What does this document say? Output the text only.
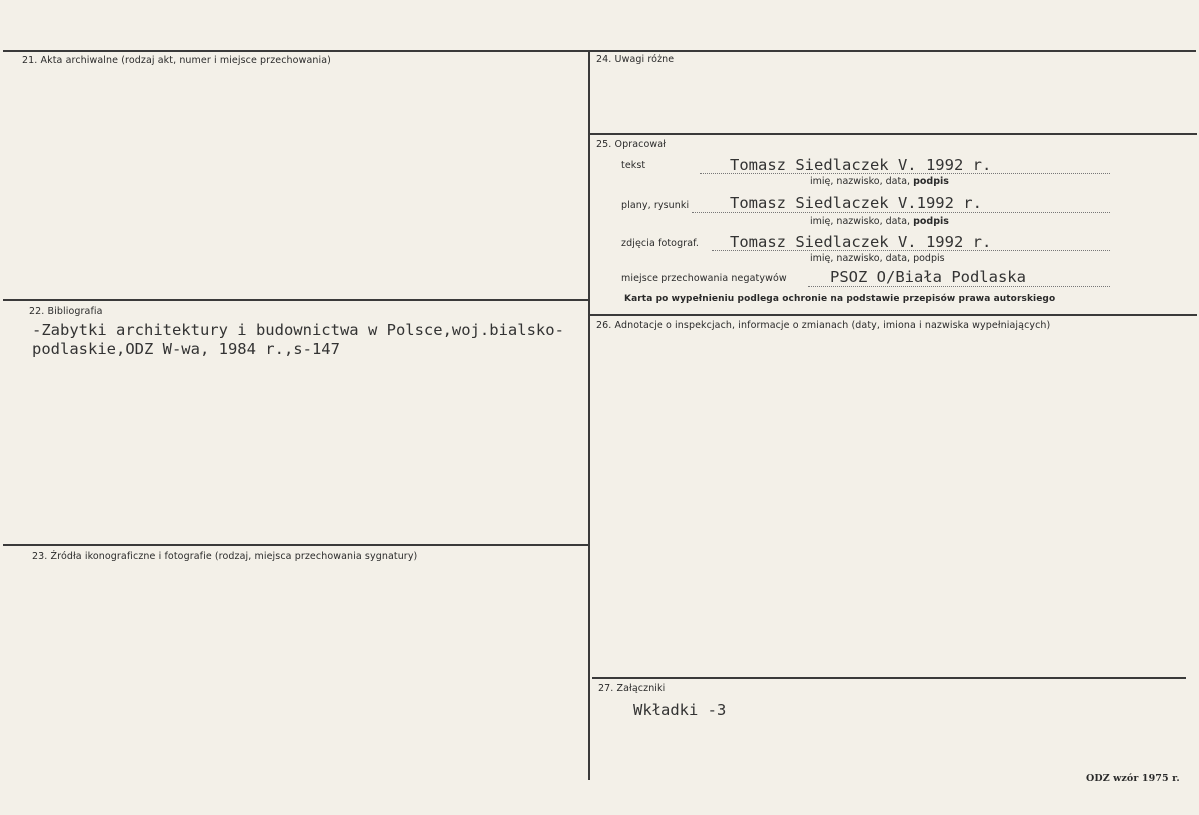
21. Akta archiwalne (rodzaj akt, numer i miejsce przechowania)
22. Bibliografia
-Zabytki architektury i budownictwa w Polsce,woj.bialsko-
podlaskie,ODZ W-wa, 1984 r.,s-147
23. Źródła ikonograficzne i fotografie (rodzaj, miejsca przechowania sygnatury)
24. Uwagi różne
25. Opracował
tekst	Tomasz Siedlaczek V. 1992 r.
imię, nazwisko, data, podpis
plany, rysunki	Tomasz Siedlaczek V.1992 r.
imię, nazwisko, data, podpis
zdjęcia fotograf. Tomasz Siedlaczek V. 1992 r.
imię, nazwisko, data, podpis
miejsce przechowania negatywów	PSOZ O/Biała Podlaska
Karta po wypełnieniu podlega ochronie na podstawie przepisów prawa autorskiego
26. Adnotacje o inspekcjach, informacje o zmianach (daty, imiona i nazwiska wypełniających)
27. Załączniki
Wkładki -3
ODZ wzór 1975 r.
